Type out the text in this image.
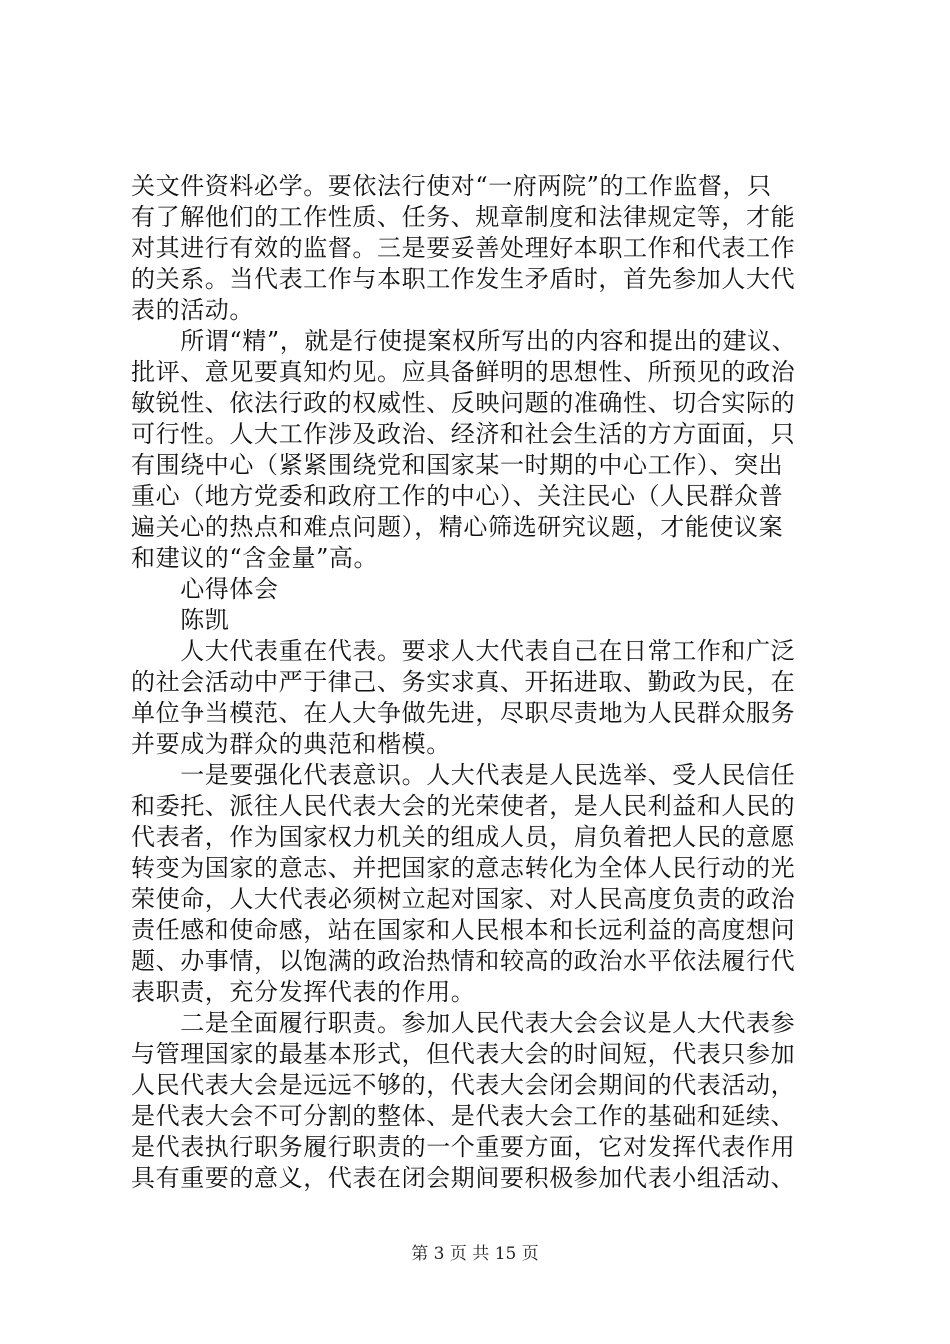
关文件资料必学。要依法行使对“一府两院”的工作监督，只
有了解他们的工作性质、任务、规章制度和法律规定等，才能
对其进行有效的监督。三是要妥善处理好本职工作和代表工作
的关系。当代表工作与本职工作发生矛盾时，首先参加人大代
表的活动。
　　所谓“精”，就是行使提案权所写出的内容和提出的建议、
批评、意见要真知灼见。应具备鲜明的思想性、所预见的政治
敏锐性、依法行政的权威性、反映问题的准确性、切合实际的
可行性。人大工作涉及政治、经济和社会生活的方方面面，只
有围绕中心（紧紧围绕党和国家某一时期的中心工作）、突出
重心（地方党委和政府工作的中心）、关注民心（人民群众普
遍关心的热点和难点问题），精心筛选研究议题，才能使议案
和建议的“含金量”高。
　　心得体会
　　陈凯
　　人大代表重在代表。要求人大代表自己在日常工作和广泛
的社会活动中严于律己、务实求真、开拓进取、勤政为民，在
单位争当模范、在人大争做先进，尽职尽责地为人民群众服务
并要成为群众的典范和楷模。
　　一是要强化代表意识。人大代表是人民选举、受人民信任
和委托、派往人民代表大会的光荣使者，是人民利益和人民的
代表者，作为国家权力机关的组成人员，肩负着把人民的意愿
转变为国家的意志、并把国家的意志转化为全体人民行动的光
荣使命，人大代表必须树立起对国家、对人民高度负责的政治
责任感和使命感，站在国家和人民根本和长远利益的高度想问
题、办事情，以饱满的政治热情和较高的政治水平依法履行代
表职责，充分发挥代表的作用。
　　二是全面履行职责。参加人民代表大会会议是人大代表参
与管理国家的最基本形式，但代表大会的时间短，代表只参加
人民代表大会是远远不够的，代表大会闭会期间的代表活动，
是代表大会不可分割的整体、是代表大会工作的基础和延续、
是代表执行职务履行职责的一个重要方面，它对发挥代表作用
具有重要的意义，代表在闭会期间要积极参加代表小组活动、
第 3 页 共 15 页
